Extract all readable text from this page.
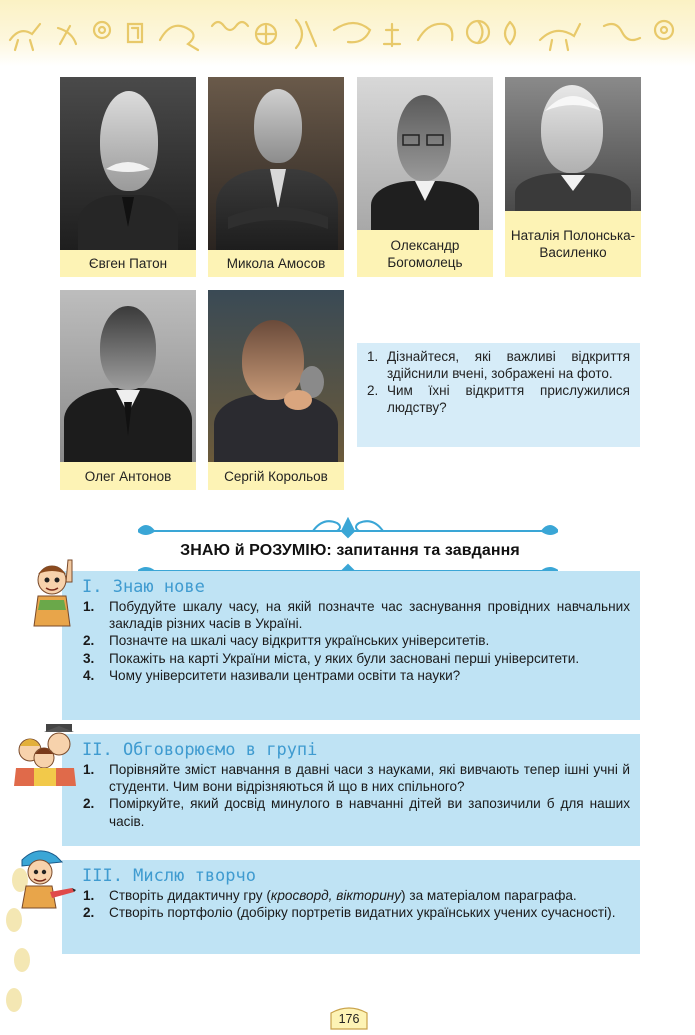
Євген Патон	Микола Амосов
Олександр Богомолець
Наталія Полонська-Василенко
Олег Антонов	Сергій Корольов
1. Дізнайтеся, які важливі відкриття здійснили вчені, зображені на фото.
2. Чим їхні відкриття прислужилися людству?
ЗНАЮ й РОЗУМІЮ: запитання та завдання
I. Знаю нове
1. Побудуйте шкалу часу, на якій позначте час заснування провідних навчальних закладів різних часів в Україні.
2. Позначте на шкалі часу відкриття українських університетів.
3. Покажіть на карті України міста, у яких були засновані перші університети.
4. Чому університети називали центрами освіти та науки?
II. Обговорюємо в групі
1. Порівняйте зміст навчання в давні часи з науками, які вивчають тепер ішні учні й студенти. Чим вони відрізняються й що в них спільного?
2. Поміркуйте, який досвід минулого в навчанні дітей ви запозичили б для наших часів.
III. Мислю творчо
1. Створіть дидактичну гру (кросворд, вікторину) за матеріалом параграфа.
2. Створіть портфоліо (добірку портретів видатних українських учених сучасності).
176
